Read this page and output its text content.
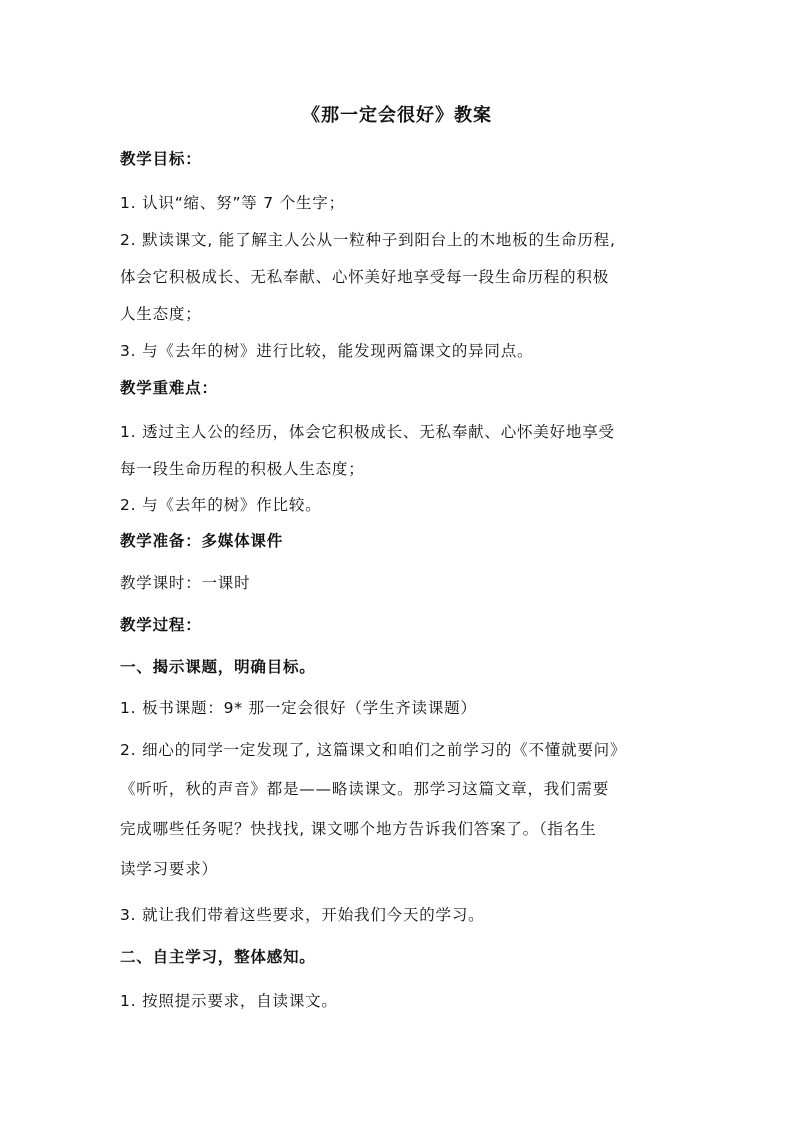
《那一定会很好》教案
教学目标：
1. 认识“缩、努”等 7 个生字；
2. 默读课文, 能了解主人公从一粒种子到阳台上的木地板的生命历程,
体会它积极成长、无私奉献、心怀美好地享受每一段生命历程的积极
人生态度；
3. 与《去年的树》进行比较，能发现两篇课文的异同点。
教学重难点：
1. 透过主人公的经历，体会它积极成长、无私奉献、心怀美好地享受
每一段生命历程的积极人生态度；
2. 与《去年的树》作比较。
教学准备：多媒体课件
教学课时：一课时
教学过程：
一、揭示课题，明确目标。
1. 板书课题：9* 那一定会很好（学生齐读课题）
2. 细心的同学一定发现了, 这篇课文和咱们之前学习的《不懂就要问》
《听听，秋的声音》都是——略读课文。那学习这篇文章，我们需要
完成哪些任务呢？快找找, 课文哪个地方告诉我们答案了。（指名生
读学习要求）
3. 就让我们带着这些要求，开始我们今天的学习。
二、自主学习，整体感知。
1. 按照提示要求，自读课文。
